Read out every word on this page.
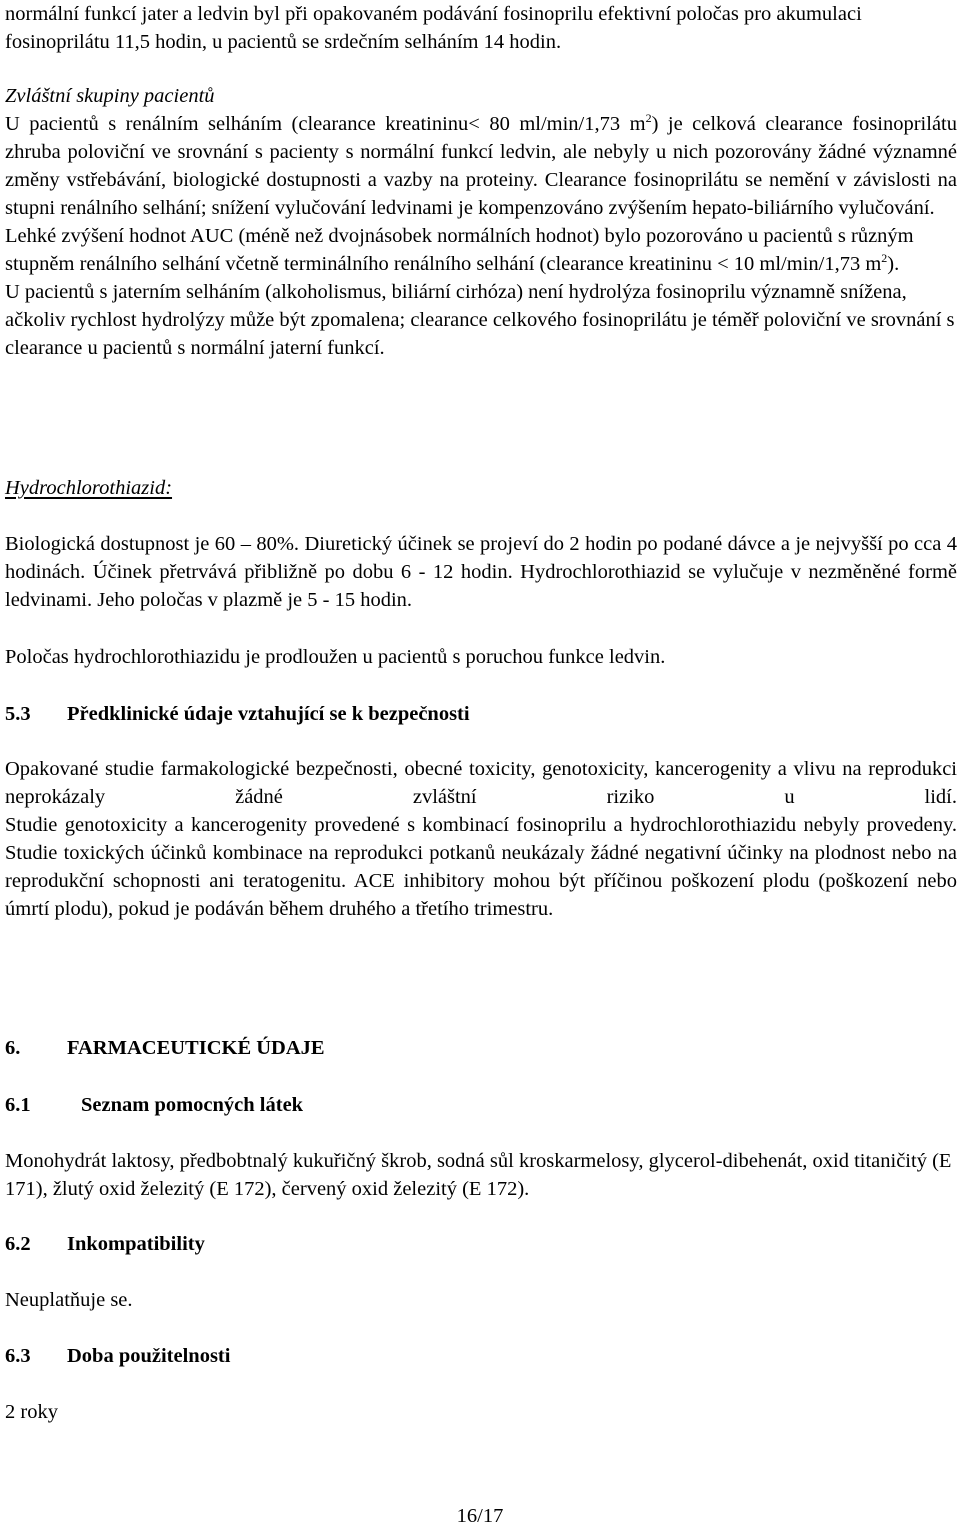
normální funkcí jater a ledvin byl při opakovaném podávání fosinoprilu efektivní poločas pro akumulaci fosinoprilátu 11,5 hodin, u pacientů se srdečním selháním 14 hodin.

Zvláštní skupiny pacientů

U pacientů s renálním selháním (clearance kreatininu< 80 ml/min/1,73 $m^2$) je celková clearance fosinoprilátu zhruba poloviční ve srovnání s pacienty s normální funkcí ledvin, ale nebyly u nich pozorovány žádné významné změny vstřebávání, biologické dostupnosti a vazby na proteiny. Clearance fosinoprilátu se nemění v závislosti na stupni renálního selhání; snížení vylučování ledvinami je kompenzováno zvýšením hepato-biliárního vylučování.

Lehké zvýšení hodnot AUC (méně než dvojnásobek normálních hodnot) bylo pozorováno u pacientů s různým stupněm renálního selhání včetně terminálního renálního selhání (clearance kreatininu < 10 ml/min/1,73 $m^2$).

U pacientů s jaterním selháním (alkoholismus, biliární cirhóza) není hydrolýza fosinoprilu významně snížena, ačkoliv rychlost hydrolýzy může být zpomalena; clearance celkového fosinoprilátu je téměř poloviční ve srovnání s clearance u pacientů s normální jaterní funkcí.

Hydrochlorothiazid:

Biologická dostupnost je 60 – 80%. Diuretický účinek se projeví do 2 hodin po podané dávce a je nejvyšší po cca 4 hodinách. Účinek přetrvává přibližně po dobu 6 - 12 hodin. Hydrochlorothiazid se vylučuje v nezměněné formě ledvinami. Jeho poločas v plazmě je 5 - 15 hodin.

Poločas hydrochlorothiazidu je prodloužen u pacientů s poruchou funkce ledvin.

5.3	Předklinické údaje vztahující se k bezpečnosti

Opakované studie farmakologické bezpečnosti, obecné toxicity, genotoxicity, kancerogenity a vlivu na reprodukci neprokázaly žádné zvláštní riziko u lidí.

Studie genotoxicity a kancerogenity provedené s kombinací fosinoprilu a hydrochlorothiazidu nebyly provedeny. Studie toxických účinků kombinace na reprodukci potkanů neukázaly žádné negativní účinky na plodnost nebo na reprodukční schopnosti ani teratogenitu. ACE inhibitory mohou být příčinou poškození plodu (poškození nebo úmrtí plodu), pokud je podáván během druhého a třetího trimestru.

6.	FARMACEUTICKÉ ÚDAJE
6.1	Seznam pomocných látek

Monohydrát laktosy, předbobtnalý kukuřičný škrob, sodná sůl kroskarmelosy, glycerol-dibehenát, oxid titaničitý (E 171), žlutý oxid železitý (E 172), červený oxid železitý (E 172).

6.2	Inkompatibility

Neuplatňuje se.

6.3	Doba použitelnosti

2 roky

16/17
